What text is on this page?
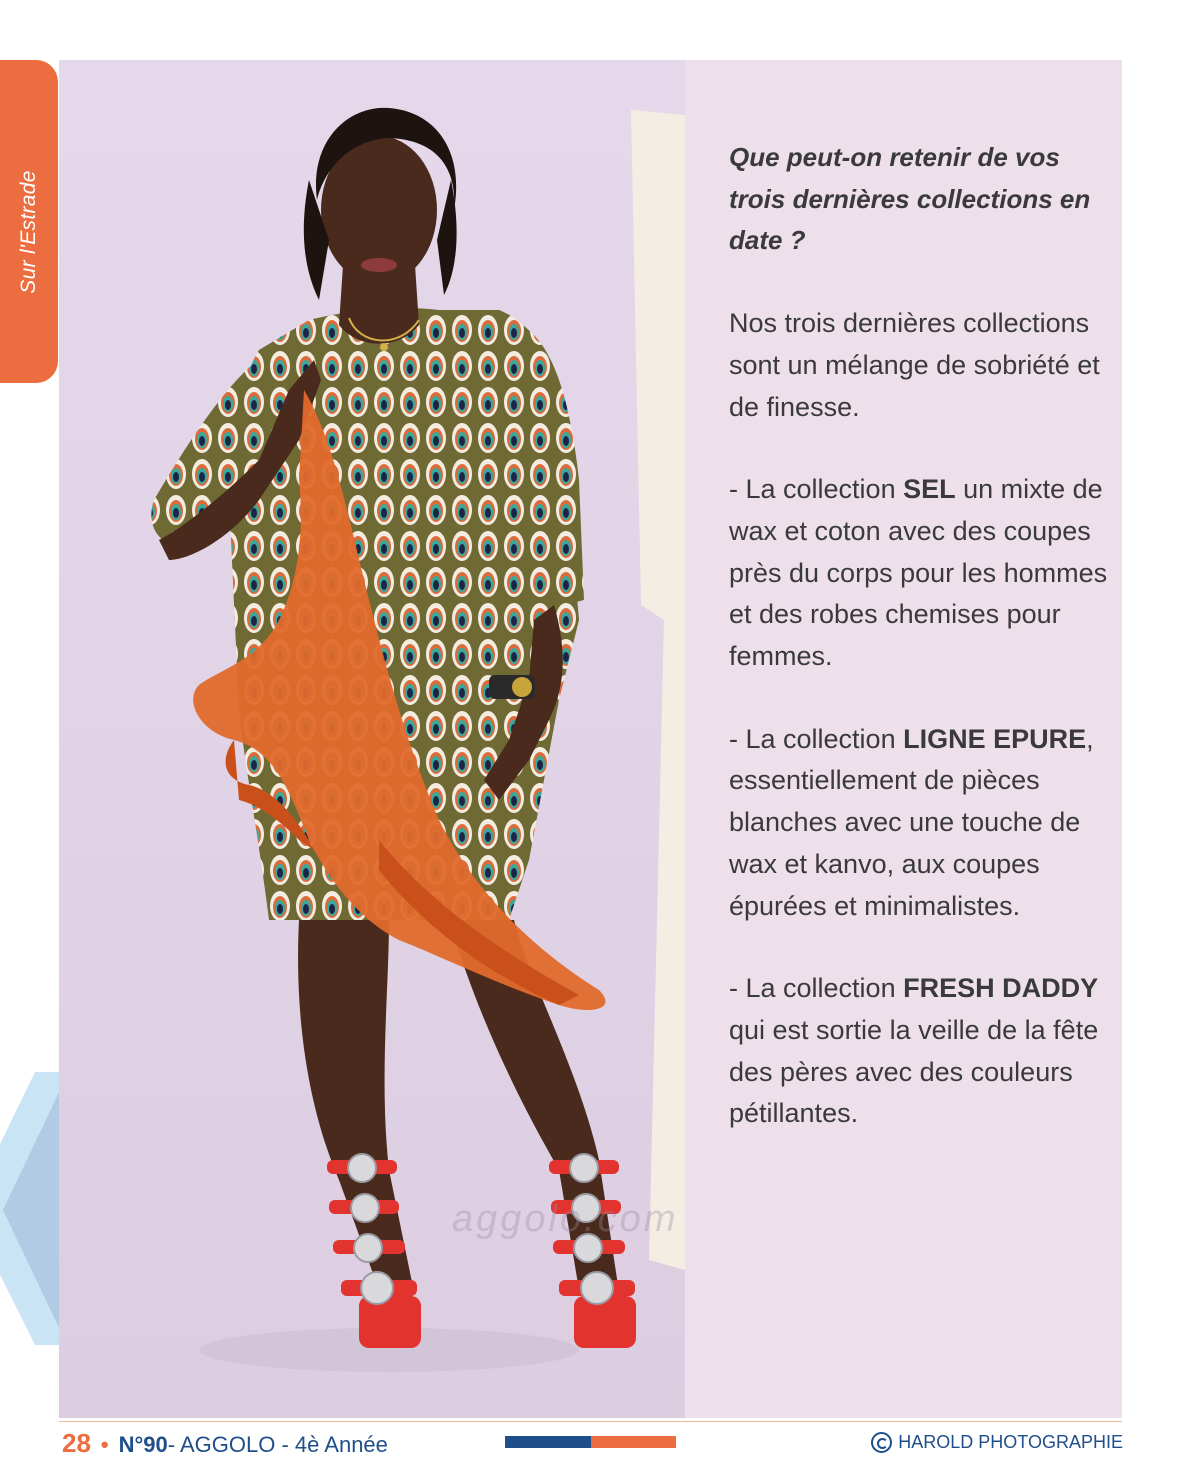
Sur l'Estrade
aggolo.com

Que peut-on retenir de vos trois dernières collections en date ?

Nos trois dernières collections sont un mélange de sobriété et de finesse.

- La collection SEL un mixte de wax et coton avec des coupes près du corps pour les hommes et des robes chemises pour femmes.

- La collection LIGNE EPURE, essentiellement de pièces blanches avec une touche de wax et kanvo, aux coupes épurées et minimalistes.

- La collection FRESH DADDY qui est sortie la veille de la fête des pères avec des couleurs pétillantes.

28 • N°90 - AGGOLO - 4è Année	HAROLD PHOTOGRAPHIE
